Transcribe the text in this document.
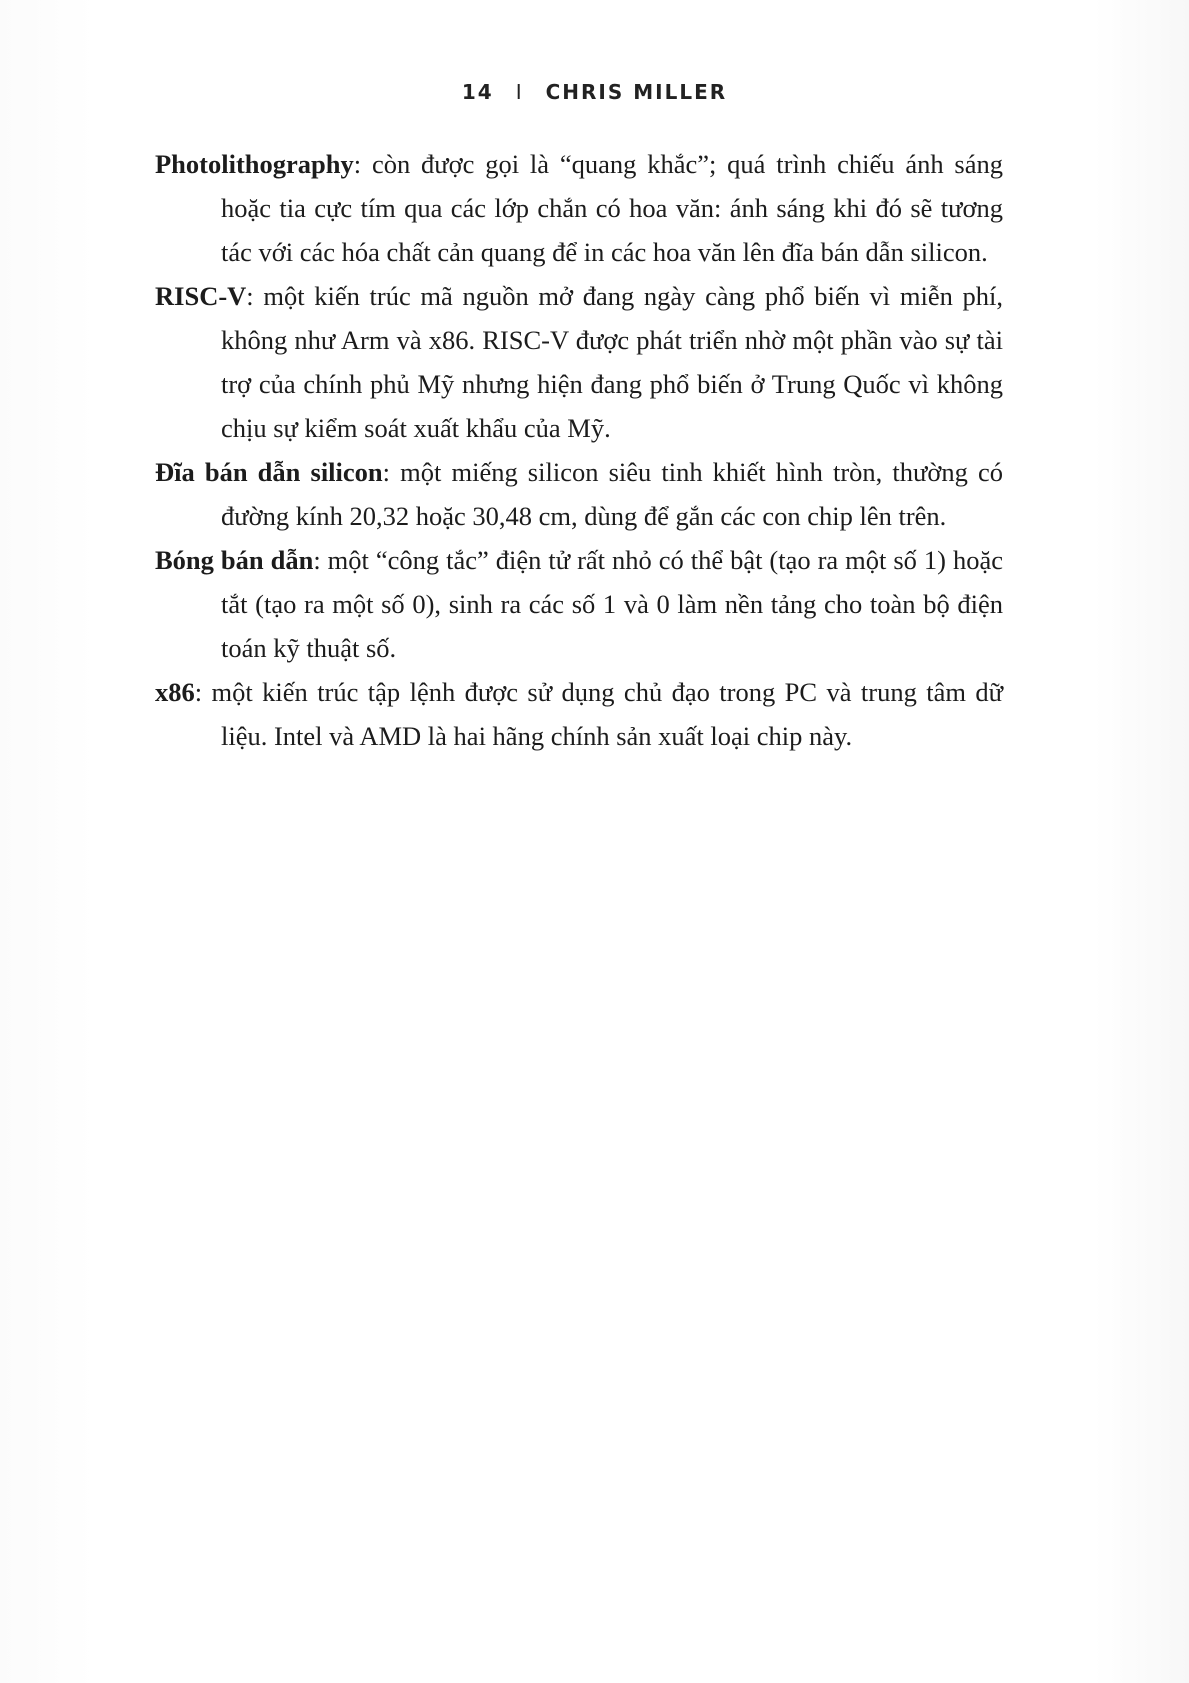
14 I CHRIS MILLER

Photolithography: còn được gọi là “quang khắc”; quá trình chiếu ánh sáng hoặc tia cực tím qua các lớp chắn có hoa văn: ánh sáng khi đó sẽ tương tác với các hóa chất cản quang để in các hoa văn lên đĩa bán dẫn silicon.

RISC-V: một kiến trúc mã nguồn mở đang ngày càng phổ biến vì miễn phí, không như Arm và x86. RISC-V được phát triển nhờ một phần vào sự tài trợ của chính phủ Mỹ nhưng hiện đang phổ biến ở Trung Quốc vì không chịu sự kiểm soát xuất khẩu của Mỹ.

Đĩa bán dẫn silicon: một miếng silicon siêu tinh khiết hình tròn, thường có đường kính 20,32 hoặc 30,48 cm, dùng để gắn các con chip lên trên.

Bóng bán dẫn: một “công tắc” điện tử rất nhỏ có thể bật (tạo ra một số 1) hoặc tắt (tạo ra một số 0), sinh ra các số 1 và 0 làm nền tảng cho toàn bộ điện toán kỹ thuật số.

x86: một kiến trúc tập lệnh được sử dụng chủ đạo trong PC và trung tâm dữ liệu. Intel và AMD là hai hãng chính sản xuất loại chip này.
